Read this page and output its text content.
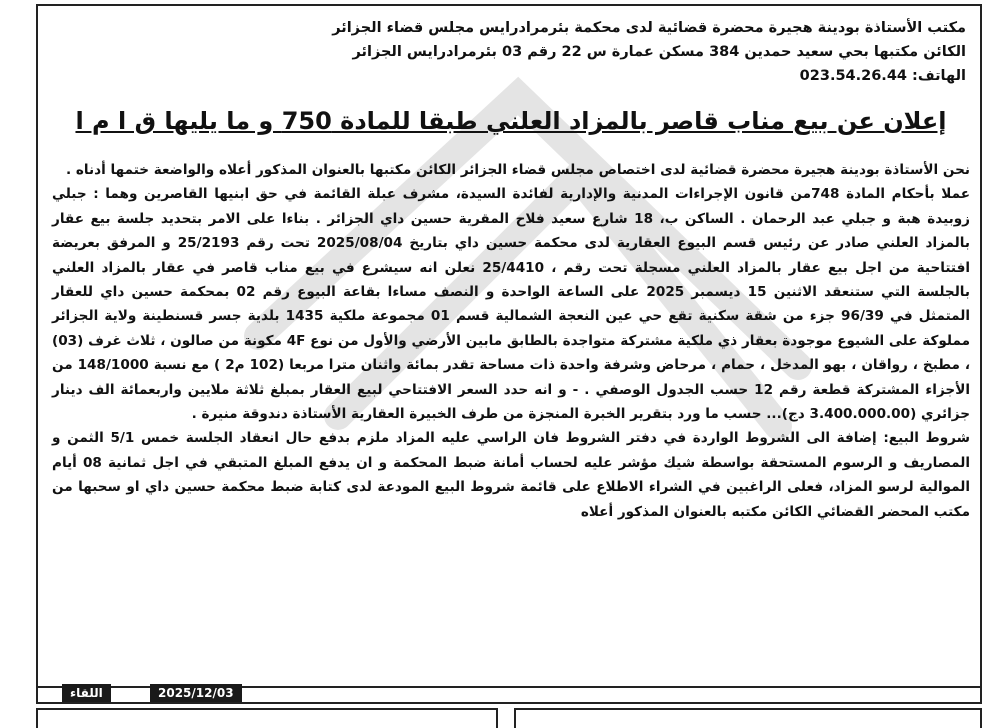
مكتب الأستاذة بودينة هجيرة محضرة قضائية لدى محكمة بئرمرادرايس مجلس قضاء الجزائر
الكائن مكتبها بحي سعيد حمدين 384 مسكن عمارة س 22 رقم 03 بئرمرادرايس الجزائر
الهاتف: 023.54.26.44
إعلان عن بيع مناب قاصر بالمزاد العلني طبقا للمادة 750 و ما يليها ق ا م ا

نحن الأستاذة بودينة هجيرة محضرة قضائية لدى اختصاص مجلس قضاء الجزائر الكائن مكتبها بالعنوان المذكور أعلاه والواضعة ختمها أدناه .

عملا بأحكام المادة 748من قانون الإجراءات المدنية والإدارية لفائدة السيدة، مشرف عبلة القائمة في حق ابنيها القاصرين وهما : جبلي زوبيدة هبة و جبلي عبد الرحمان . الساكن ب، 18 شارع سعيد فلاح المقرية حسين داي الجزائر . بناءا على الامر بتحديد جلسة بيع عقار بالمزاد العلني صادر عن رئيس قسم البيوع العقارية لدى محكمة حسين داي بتاريخ 2025/08/04 تحت رقم 25/2193 و المرفق بعريضة افتتاحية من اجل بيع عقار بالمزاد العلني مسجلة تحت رقم ، 25/4410 نعلن انه سيشرع في بيع مناب قاصر في عقار بالمزاد العلني بالجلسة التي ستنعقد الاثنين 15 ديسمبر 2025 على الساعة الواحدة و النصف مساءا بقاعة البيوع رقم 02 بمحكمة حسين داي للعقار المتمثل في 96/39 جزء من شقة سكنية تقع حي عين النعجة الشمالية قسم 01 مجموعة ملكية 1435 بلدية جسر قسنطينة ولاية الجزائر مملوكة على الشيوع موجودة بعقار ذي ملكية مشتركة متواجدة بالطابق مابين الأرضي والأول من نوع 4F مكونة من صالون ، ثلاث غرف (03) ، مطبخ ، رواقان ، بهو المدخل ، حمام ، مرحاض وشرفة واحدة ذات مساحة تقدر بمائة واثنان مترا مربعا (102 م2 ) مع نسبة 148/1000 من الأجزاء المشتركة قطعة رقم 12 حسب الجدول الوصفي . - و انه حدد السعر الافتتاحي لبيع العقار بمبلغ ثلاثة ملايين واربعمائة الف دينار جزائري (3.400.000.00 دج)... حسب ما ورد بتقرير الخبرة المنجزة من طرف الخبيرة العقارية الأستاذة دندوقة منيرة .

شروط البيع: إضافة الى الشروط الواردة في دفتر الشروط فان الراسي عليه المزاد ملزم بدفع حال انعقاد الجلسة خمس 5/1 الثمن و المصاريف و الرسوم المستحقة بواسطة شيك مؤشر عليه لحساب أمانة ضبط المحكمة و ان يدفع المبلغ المتبقي في اجل ثمانية 08 أيام الموالية لرسو المزاد، فعلى الراغبين في الشراء الاطلاع على قائمة شروط البيع المودعة لدى كتابة ضبط محكمة حسين داي او سحبها من مكتب المحضر القضائي الكائن مكتبه بالعنوان المذكور أعلاه

2025/12/03
اللقاء
